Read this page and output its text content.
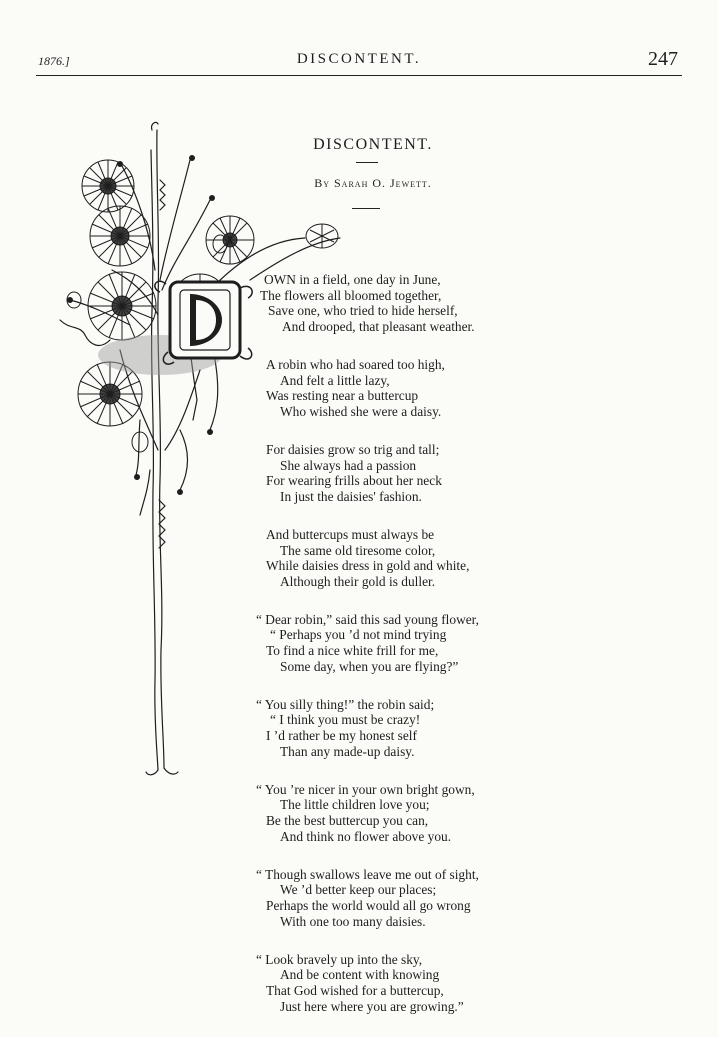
1876.]	DISCONTENT.	247
DISCONTENT.
By Sarah O. Jewett.
OWN in a field, one day in June,
The flowers all bloomed together,
Save one, who tried to hide herself,
And drooped, that pleasant weather.
A robin who had soared too high,
And felt a little lazy,
Was resting near a buttercup
Who wished she were a daisy.
For daisies grow so trig and tall;
She always had a passion
For wearing frills about her neck
In just the daisies' fashion.
And buttercups must always be
The same old tiresome color,
While daisies dress in gold and white,
Although their gold is duller.
“ Dear robin,” said this sad young flower,
“ Perhaps you ’d not mind trying
To find a nice white frill for me,
Some day, when you are flying?”
“ You silly thing!” the robin said;
“ I think you must be crazy!
I ’d rather be my honest self
Than any made-up daisy.
“ You ’re nicer in your own bright gown,
The little children love you;
Be the best buttercup you can,
And think no flower above you.
“ Though swallows leave me out of sight,
We ’d better keep our places;
Perhaps the world would all go wrong
With one too many daisies.
“ Look bravely up into the sky,
And be content with knowing
That God wished for a buttercup,
Just here where you are growing.”
